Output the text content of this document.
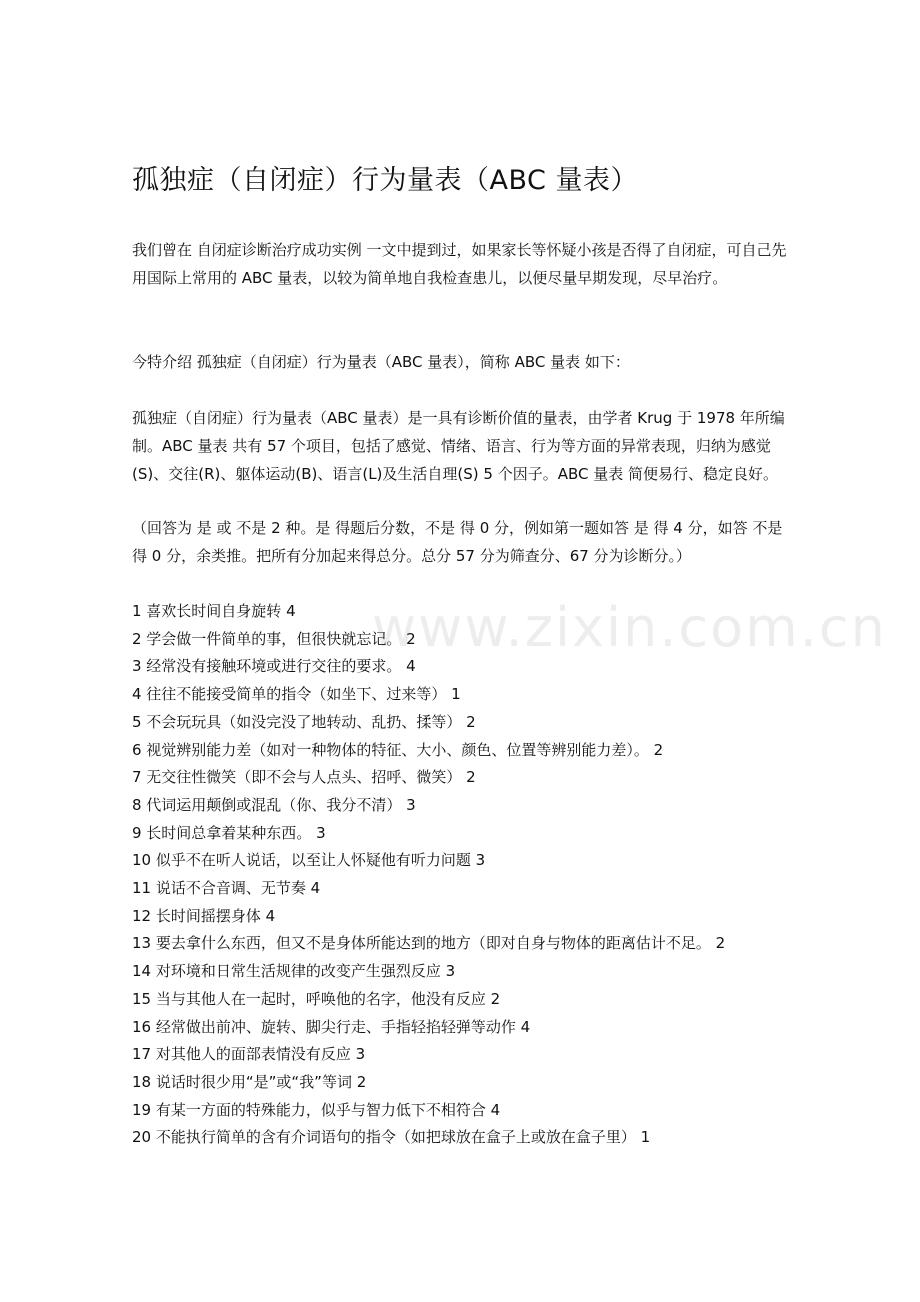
孤独症（自闭症）行为量表（ABC 量表）
我们曾在 自闭症诊断治疗成功实例 一文中提到过，如果家长等怀疑小孩是否得了自闭症，可自己先用国际上常用的 ABC 量表，以较为简单地自我检查患儿，以便尽量早期发现，尽早治疗。
今特介绍 孤独症（自闭症）行为量表（ABC 量表），简称 ABC 量表 如下：
孤独症（自闭症）行为量表（ABC 量表）是一具有诊断价值的量表，由学者 Krug 于 1978 年所编制。ABC 量表 共有 57 个项目，包括了感觉、情绪、语言、行为等方面的异常表现，归纳为感觉(S)、交往(R)、躯体运动(B)、语言(L)及生活自理(S) 5 个因子。ABC 量表 简便易行、稳定良好。
（回答为 是 或 不是 2 种。是 得题后分数，不是 得 0 分，例如第一题如答 是 得 4 分，如答 不是 得 0 分，余类推。把所有分加起来得总分。总分 57 分为筛查分、67 分为诊断分。）
1 喜欢长时间自身旋转 4
2 学会做一件简单的事，但很快就忘记。 2
3 经常没有接触环境或进行交往的要求。 4
4 往往不能接受简单的指令（如坐下、过来等） 1
5 不会玩玩具（如没完没了地转动、乱扔、揉等） 2
6 视觉辨别能力差（如对一种物体的特征、大小、颜色、位置等辨别能力差）。 2
7 无交往性微笑（即不会与人点头、招呼、微笑） 2
8 代词运用颠倒或混乱（你、我分不清） 3
9 长时间总拿着某种东西。 3
10 似乎不在听人说话，以至让人怀疑他有听力问题 3
11 说话不合音调、无节奏 4
12 长时间摇摆身体 4
13 要去拿什么东西，但又不是身体所能达到的地方（即对自身与物体的距离估计不足。 2
14 对环境和日常生活规律的改变产生强烈反应 3
15 当与其他人在一起时，呼唤他的名字，他没有反应 2
16 经常做出前冲、旋转、脚尖行走、手指轻掐轻弹等动作 4
17 对其他人的面部表情没有反应 3
18 说话时很少用“是”或“我”等词 2
19 有某一方面的特殊能力，似乎与智力低下不相符合 4
20 不能执行简单的含有介词语句的指令（如把球放在盒子上或放在盒子里） 1
www.zixin.com.cn
